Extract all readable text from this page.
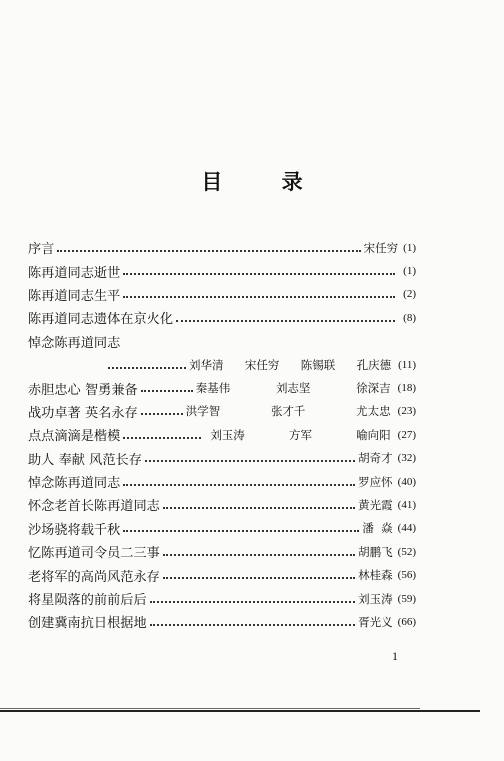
目 录
序言	宋任穷 (1)
陈再道同志逝世	(1)
陈再道同志生平	(2)
陈再道同志遗体在京火化	(8)
悼念陈再道同志
刘华清 宋任穷 陈锡联 孔庆德 (11)
赤胆忠心 智勇兼备	秦基伟	刘志坚	徐深吉 (18)
战功卓著 英名永存	洪学智	张才千	尤太忠 (23)
点点滴滴是楷模	刘玉涛	方军	喻向阳 (27)
助人 奉献 风范长存	胡奇才 (32)
悼念陈再道同志	罗应怀 (40)
怀念老首长陈再道同志	黄光霞 (41)
沙场骁将载千秋	潘  焱 (44)
忆陈再道司令员二三事	胡鹏飞 (52)
老将军的高尚风范永存	林桂森 (56)
将星陨落的前前后后	刘玉涛 (59)
创建冀南抗日根据地	胥光义 (66)
1
